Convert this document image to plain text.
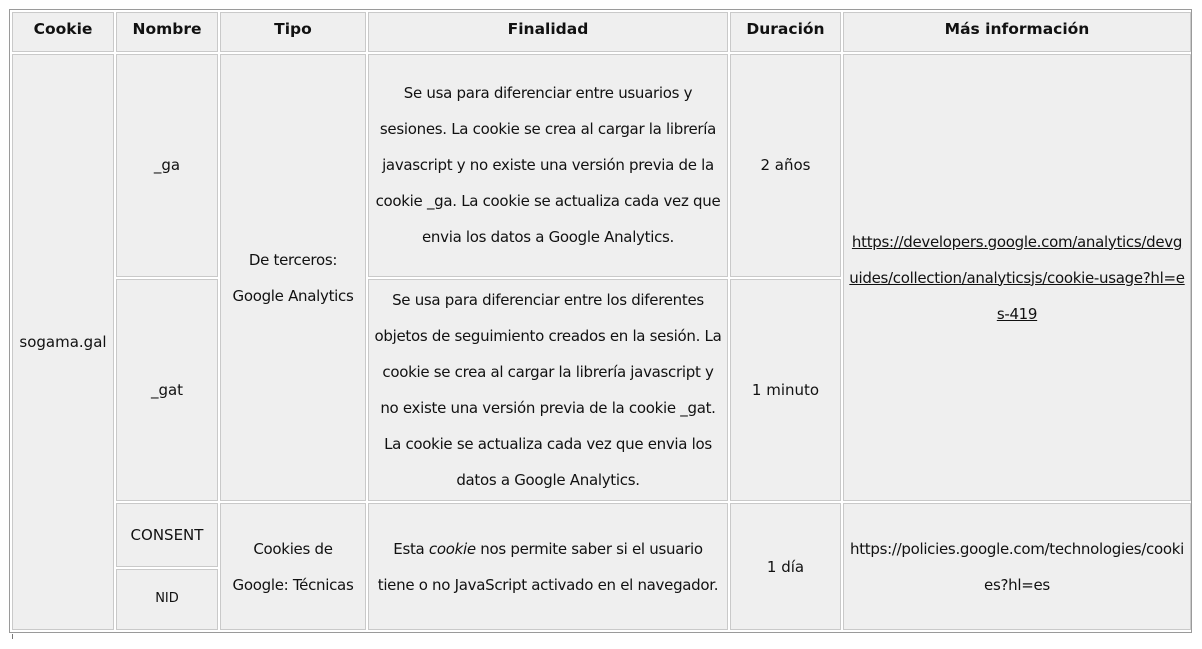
Cookie	Nombre	Tipo	Finalidad	Duración	Más información
sogama.gal	_ga	De terceros: Google Analytics	Se usa para diferenciar entre usuarios y sesiones. La cookie se crea al cargar la librería javascript y no existe una versión previa de la cookie _ga. La cookie se actualiza cada vez que envia los datos a Google Analytics.	2 años	https://developers.google.com/analytics/devguides/collection/analyticsjs/cookie-usage?hl=es-419
	_gat		Se usa para diferenciar entre los diferentes objetos de seguimiento creados en la sesión. La cookie se crea al cargar la librería javascript y no existe una versión previa de la cookie _gat. La cookie se actualiza cada vez que envia los datos a Google Analytics.	1 minuto	
	CONSENT	Cookies de Google: Técnicas	Esta cookie nos permite saber si el usuario tiene o no JavaScript activado en el navegador.	1 día	https://policies.google.com/technologies/cookies?hl=es
	NID				
